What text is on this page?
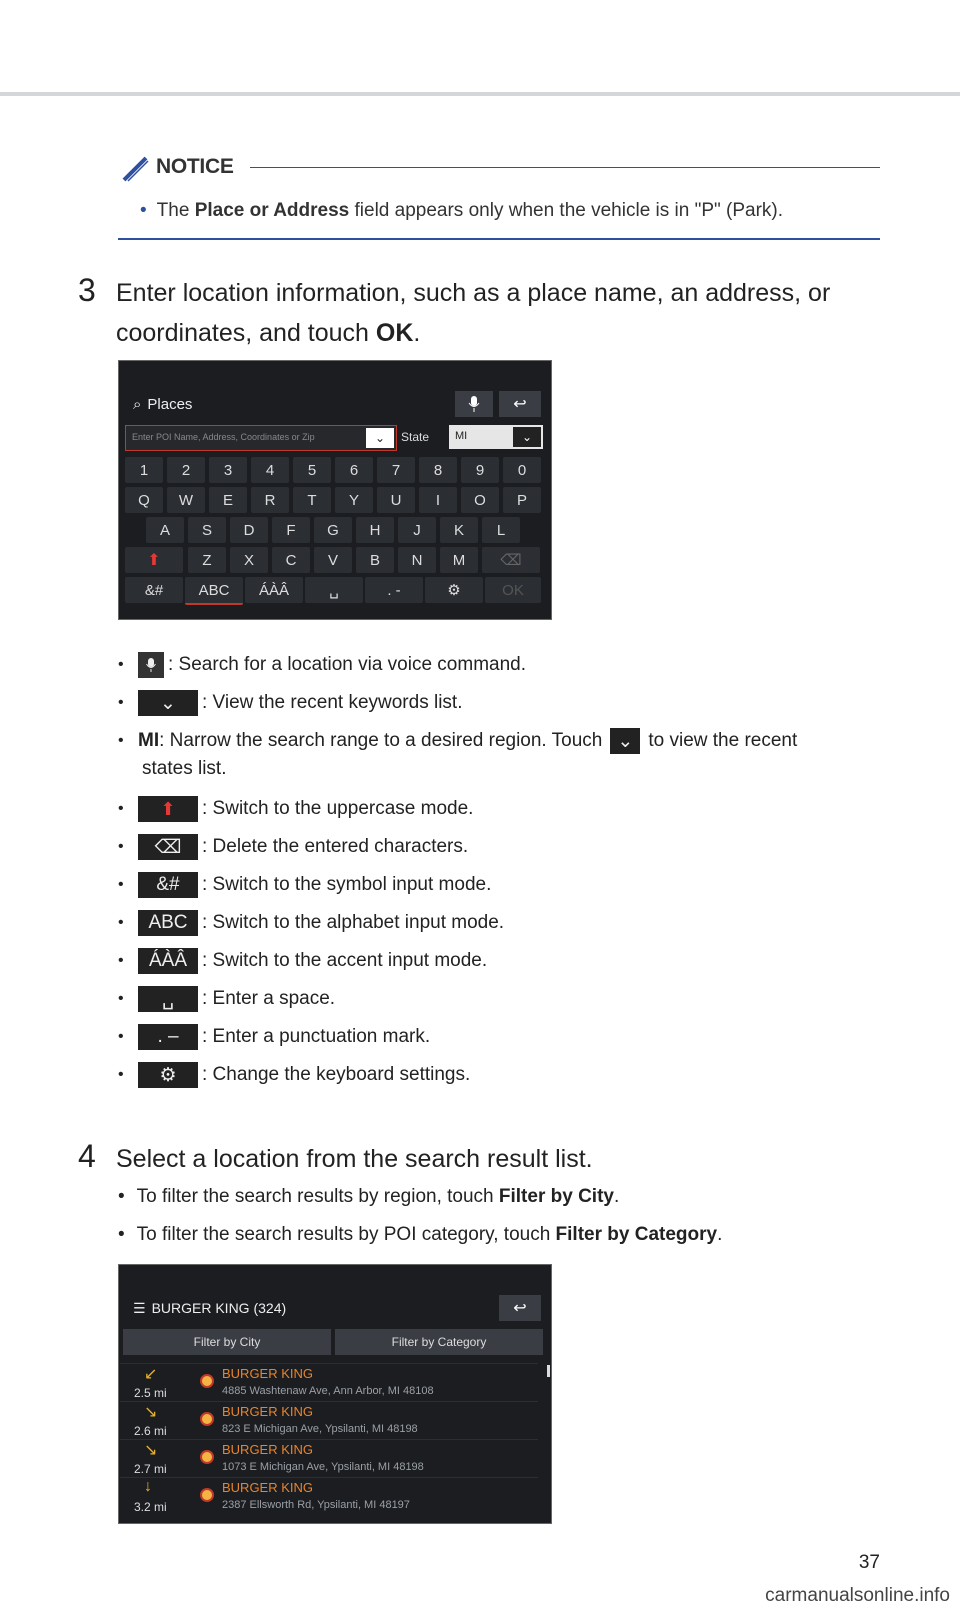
NOTICE
• The Place or Address field appears only when the vehicle is in "P" (Park).
3 Enter location information, such as a place name, an address, or
coordinates, and touch OK.
⌕ Places	↩
Enter POI Name, Address, Coordinates or Zip	⌄	State MI	⌄
1	2	3	4	5	6	7	8	9	0
Q	W	E	R	T	Y	U	I	O	P
A	S	D	F	G	H	J	K	L
⬆	Z	X	C	V	B	N	M	⌫
&#	ABC	ÁÀÂ	␣	. -	⚙	OK
•	: Search for a location via voice command.
•	⌄	: View the recent keywords list.
• MI : Narrow the search range to a desired region. Touch ⌄ to view the recent
states list.
•	⬆	: Switch to the uppercase mode.
•	⌫	: Delete the entered characters.
•	&#	: Switch to the symbol input mode.
•	ABC : Switch to the alphabet input mode.
•	ÁÀÂ : Switch to the accent input mode.
•	␣	: Enter a space.
•	. –	: Enter a punctuation mark.
•	⚙	: Change the keyboard settings.
4 Select a location from the search result list.
• To filter the search results by region, touch Filter by City.
• To filter the search results by POI category, touch Filter by Category.
☰ BURGER KING (324)	↩
Filter by City	Filter by Category
↙
2.5 mi
BURGER KING
4885 Washtenaw Ave, Ann Arbor, MI 48108
↘
2.6 mi
BURGER KING
823 E Michigan Ave, Ypsilanti, MI 48198
↘
2.7 mi
BURGER KING
1073 E Michigan Ave, Ypsilanti, MI 48198
↓
3.2 mi
BURGER KING
2387 Ellsworth Rd, Ypsilanti, MI 48197
37
carmanualsonline.info
